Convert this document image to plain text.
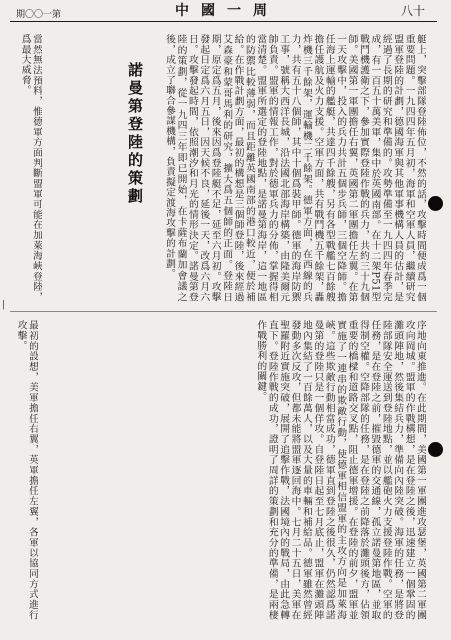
八十
中國一周
期〇〇一第

艇上，突擊部隊登陸佈位，不然的話，攻擊時間便成爲一個重要問題。一九四四年五月初，海軍和空軍人員，繼續研究盟軍登陸的計劃，德國海軍與其他軍事機構人員的估計，是經過了長期的研究和準備的。攻勢準備至一九四四年春季完成，有一百五十萬美軍，集中於英國南部。在十二架P51型戰鬥機護衛之下，參加實際登陸作戰的兵力，共約三十九個師。美國第一軍團擔任右翼，英國第二軍團擔任左翼。在第一天攻擊中，投入的兵力共計五個步兵師，三個空降師。擔任海上運輸的艦艇，共達四千餘艘，另有各型戰艦七百餘艘擔任護航及火力支援。空軍方面，共有戰鬥機五千餘架，轟炸機三千餘架，運輸機二千餘架。德軍方面，在西線的兵力，共有五十八個師，其中十個爲裝甲師。德軍的海岸防禦工事，號稱大西洋長城，沿法國北部海岸構築，由隆美爾元帥負責。盟軍的情報工作，對於德軍兵力的分佈，掌握得相當清楚。盟軍所選定的登陸地點，是諾曼第海岸，這一地區的防禦比較薄弱，而且距離英國南部的港口較近，便於補給。在作戰計劃方面，最初的構想是三個師登陸，後來經過艾森豪和蒙哥馬利的研究，擴大爲五個師的正面。登陸日期，原定爲五月，後來因爲登陸艇不足，延至六月初。攻擊發起日定爲六月五日，因天候不良，延後一天，改爲六月六日。攻擊發起時間，依照潮汐和月光的情形決定。諾曼第登陸的策劃，從一九四三年即已開始，在卡薩布蘭加會議之後，成立了聯合參謀機構，負責擬定渡海攻擊的計劃。

諾曼第登陸的策劃

當然無法預料，惟德軍方面判斷盟軍可能在加萊海峽登陸，爲最大威脅。

序地向東推進。在此期間，美國第一軍團進攻瑟堡，英國第二軍團攻向岡城。盟軍的作戰構想，是在登陸之後，迅速建立一個鞏固的灘頭陣地，然後集結兵力，準備向內陸突破。海軍的任務，是將登陸部隊安全運送到登陸地點，並以艦砲火力支援登陸作戰。空軍的任務，是在登陸之前，摧毀德軍的交通線，孤立諾曼第地區，並取得制空權。空降部隊的任務，是在登陸之前降落於灘頭後方，佔領重要的橋樑和道路交叉點，阻止德軍增援。在登陸的前夕，盟軍並實施了一連串的欺敵行動，使德軍相信盟軍的主攻方向是加萊海峽。這些欺敵行動相當成功，德軍直到登陸之後很久，仍然認爲諾曼第的登陸只是一個佯攻。自登陸日起至七月底止，盟軍在灘頭陣地內集結了一百餘萬人，以及大量的車輛和補給品。德軍雖然曾經發動多次反攻，但都未能將盟軍逐回海中。七月二十五日，美軍在聖羅附近實施突破，展開了追擊作戰，法國境內的戰局，由此急轉直下。登陸作戰的成功，證明了周詳的策劃和充分的準備，是兩棲作戰勝利的關鍵。

最初的設想，美軍擔任右翼，英軍擔任左翼，各軍以協同方式進行攻擊。

|
